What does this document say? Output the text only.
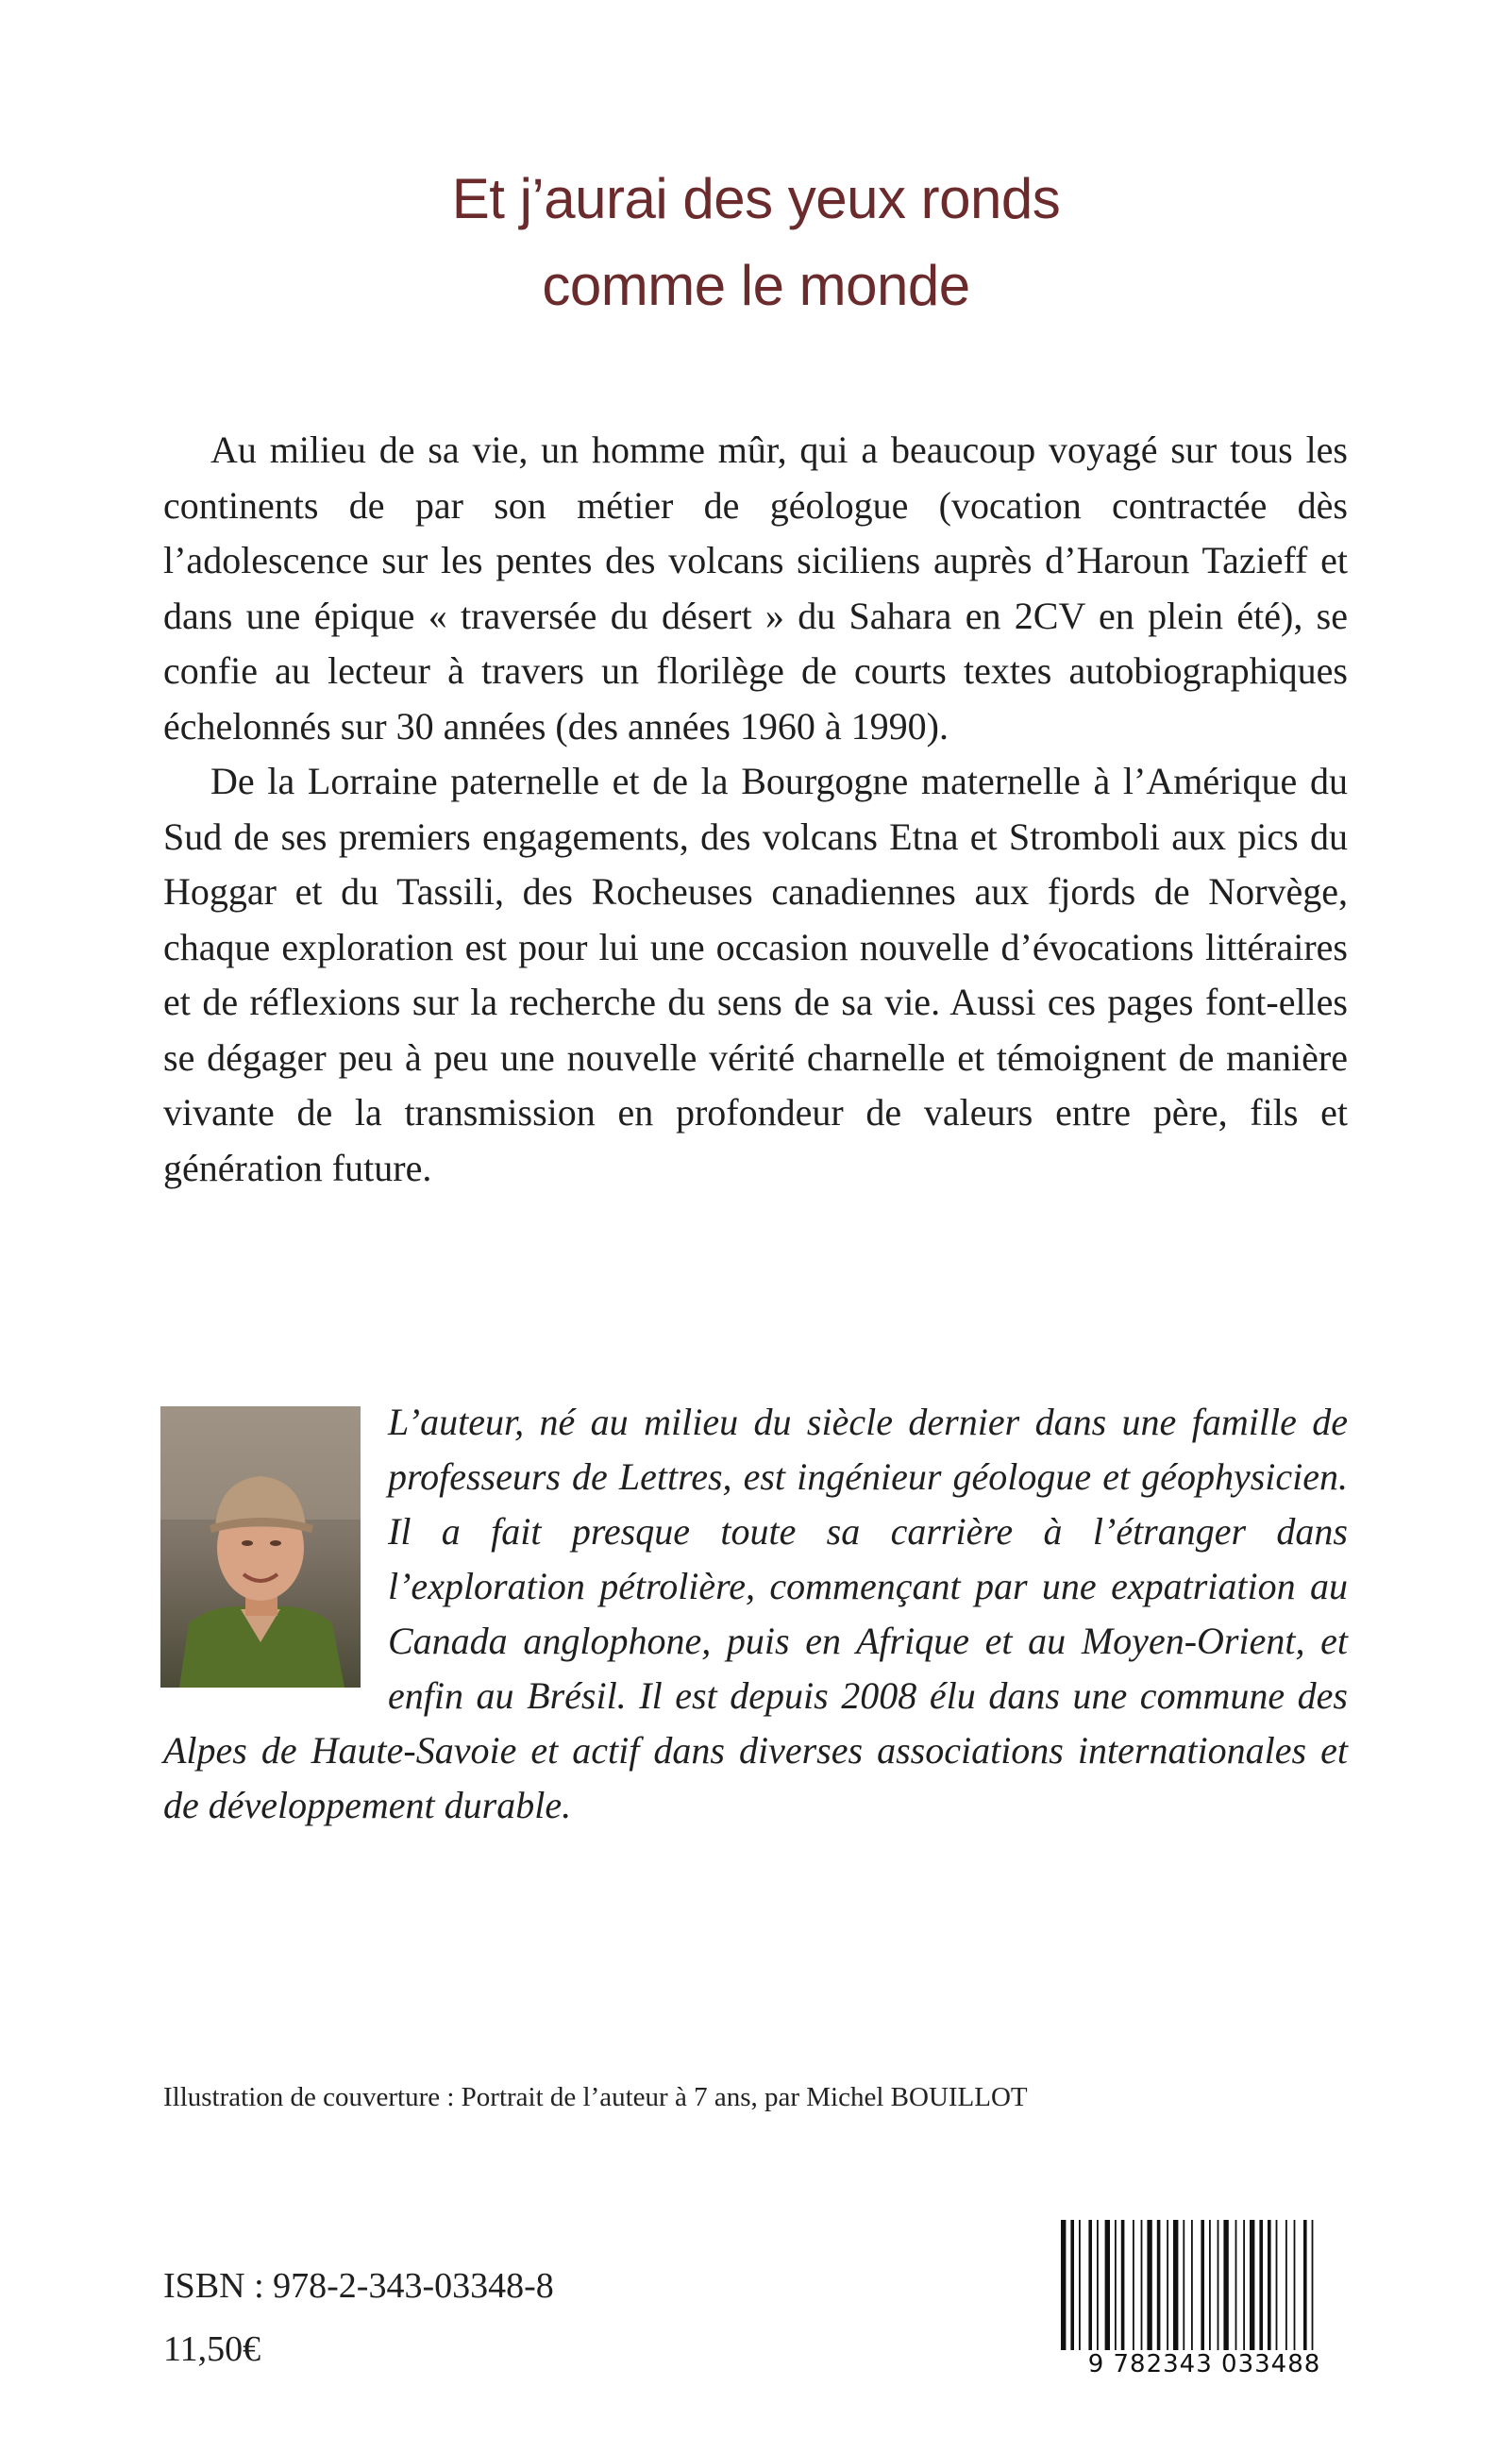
Et j’aurai des yeux ronds
comme le monde

Au milieu de sa vie, un homme mûr, qui a beaucoup voyagé sur tous les continents de par son métier de géologue (vocation contractée dès l’adolescence sur les pentes des volcans siciliens auprès d’Haroun Tazieff et dans une épique « traversée du désert » du Sahara en 2CV en plein été), se confie au lecteur à travers un florilège de courts textes autobiographiques échelonnés sur 30 années (des années 1960 à 1990).

De la Lorraine paternelle et de la Bourgogne maternelle à l’Amérique du Sud de ses premiers engagements, des volcans Etna et Stromboli aux pics du Hoggar et du Tassili, des Rocheuses canadiennes aux fjords de Norvège, chaque exploration est pour lui une occasion nouvelle d’évocations littéraires et de réflexions sur la recherche du sens de sa vie. Aussi ces pages font-elles se dégager peu à peu une nouvelle vérité charnelle et témoignent de manière vivante de la transmission en profondeur de valeurs entre père, fils et génération future.

L’auteur, né au milieu du siècle dernier dans une famille de professeurs de Lettres, est ingénieur géologue et géophysicien. Il a fait presque toute sa carrière à l’étranger dans l’exploration pétrolière, commençant par une expatriation au Canada anglophone, puis en Afrique et au Moyen-Orient, et enfin au Brésil. Il est depuis 2008 élu dans une commune des Alpes de Haute-Savoie et actif dans diverses associations internationales et de développement durable.
Illustration de couverture : Portrait de l’auteur à 7 ans, par Michel BOUILLOT
ISBN : 978-2-343-03348-8
11,50€	9 782343 033488
